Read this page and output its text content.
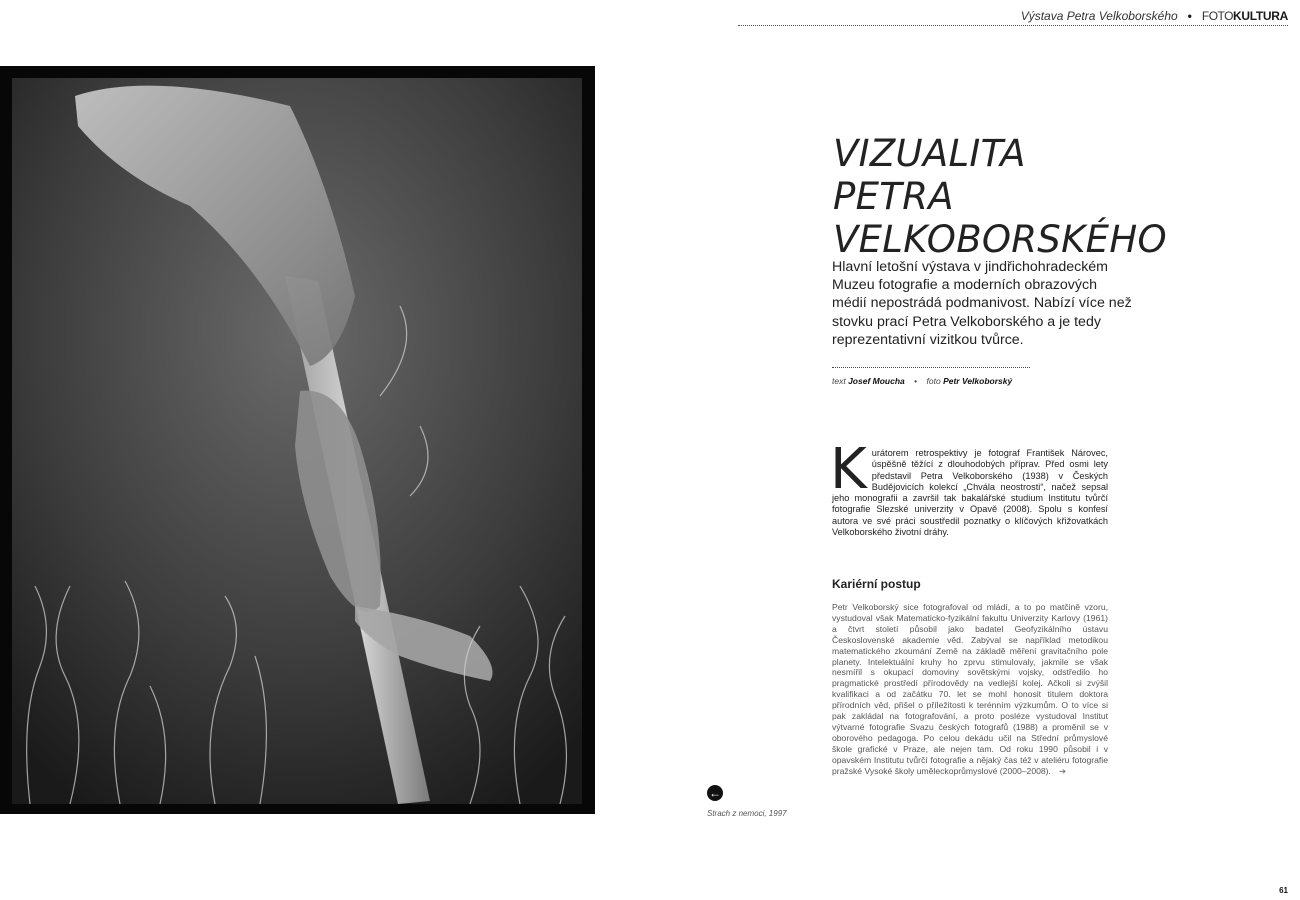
Výstava Petra Velkoborského • FOTOKULTURA
←
Strach z nemoci, 1997
VIZUALITA
PETRA VELKOBORSKÉHO

Hlavní letošní výstava v jindřichohradeckém Muzeu fotografie a moderních obrazových médií nepostrádá podmanivost. Nabízí více než stovku prací Petra Velkoborského a je tedy reprezentativní vizitkou tvůrce.

text Josef Moucha • foto Petr Velkoborský
K urátorem retrospektivy je fotograf František Nárovec, úspěšně těžící z dlouhodobých příprav. Před osmi lety představil Petra Velkoborského (1938) v Českých Budějovicích kolekcí „Chvála neostrosti“, načež sepsal jeho monografii a završil tak bakalářské studium Institutu tvůrčí fotografie Slezské univerzity v Opavě (2008). Spolu s konfesí autora ve své práci soustředil poznatky o klíčových křižovatkách Velkoborského životní dráhy.
Kariérní postup
Petr Velkoborský sice fotografoval od mládí, a to po matčině vzoru, vystudoval však Matematicko-fyzikální fakultu Univerzity Karlovy (1961) a čtvrt století působil jako badatel Geofyzikálního ústavu Československé akademie věd. Zabýval se například metodikou matematického zkoumání Země na základě měření gravitačního pole planety. Intelektuální kruhy ho zprvu stimulovaly, jakmile se však nesmířil s okupací domoviny sovětskými vojsky, odstředilo ho pragmatické prostředí přírodovědy na vedlejší kolej. Ačkoli si zvýšil kvalifikaci a od začátku 70. let se mohl honosit titulem doktora přírodních věd, přišel o příležitosti k terénním výzkumům. O to více si pak zakládal na fotografování, a proto posléze vystudoval Institut výtvarné fotografie Svazu českých fotografů (1988) a proměnil se v oborového pedagoga. Po celou dekádu učil na Střední průmyslové škole grafické v Praze, ale nejen tam. Od roku 1990 působil i v opavském Institutu tvůrčí fotografie a nějaký čas též v ateliéru fotografie pražské Vysoké školy uměleckoprůmyslové (2000–2008). ➔
61
